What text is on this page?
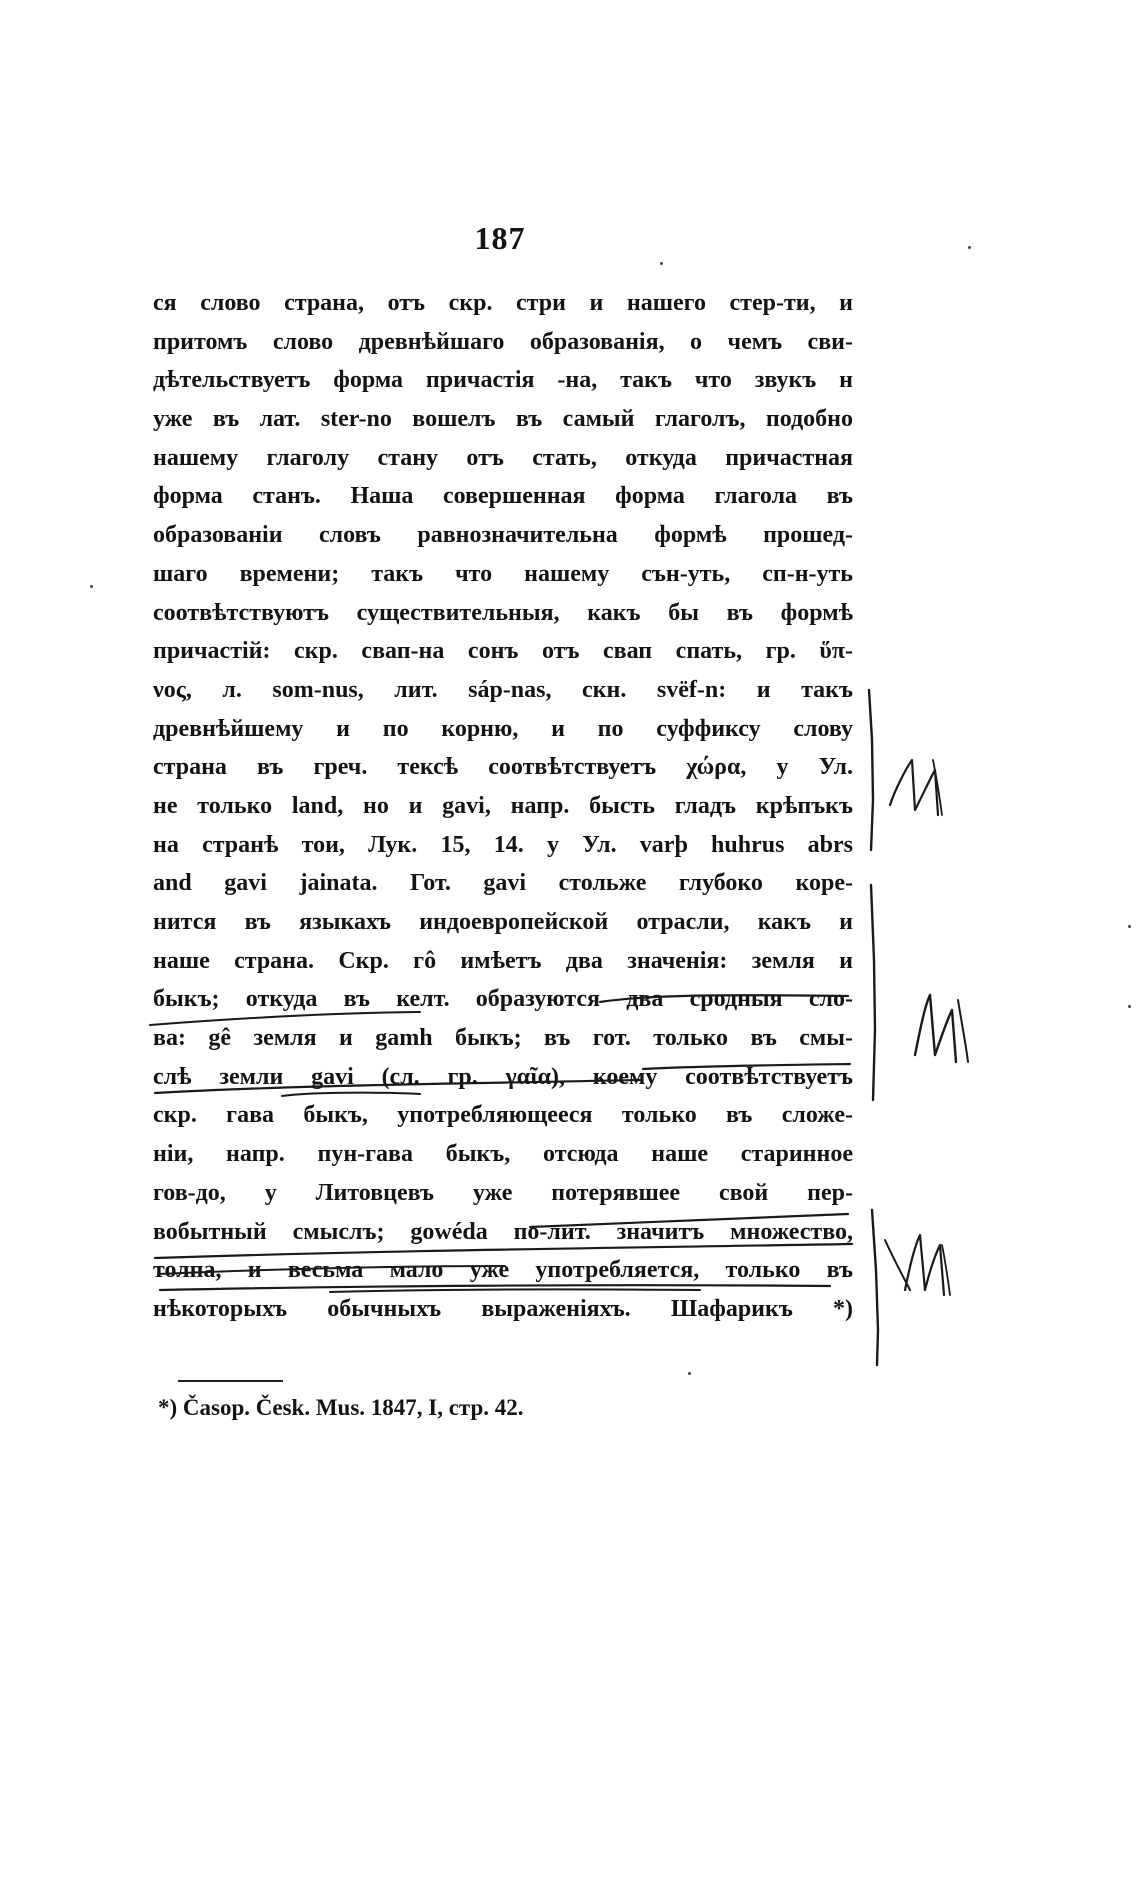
187
ся слово страна, отъ скр. стри и нашего стер-ти, и
притомъ слово древнѣйшаго образованія, о чемъ сви-
дѣтельствуетъ форма причастія -на, такъ что звукъ н
уже въ лат. ster-no вошелъ въ самый глаголъ, подобно
нашему глаголу стану отъ стать, откуда причастная
форма станъ. Наша совершенная форма глагола въ
образованіи словъ равнозначительна формѣ прошед-
шаго времени; такъ что нашему сън-уть, сп-н-уть
соотвѣтствуютъ существительныя, какъ бы въ формѣ
причастій: скр. свап-на сонъ отъ свап спать, гр. ὕπ-
νος, л. som-nus, лит. sáp-nas, скн. svëf-n: и такъ
древнѣйшему и по корню, и по суффиксу слову
страна въ греч. тексѣ соотвѣтствуетъ χώρα, у Ул.
не только land, но и gavi, напр. бысть гладъ крѣпъкъ
на странѣ тои, Лук. 15, 14. у Ул. varþ huhrus abrs
and gavi jainata. Гот. gavi стольже глубоко коре-
нится въ языкахъ индоевропейской отрасли, какъ и
наше страна. Скр. гô имѣетъ два значенія: земля и
быкъ; откуда въ келт. образуются два сродныя сло-
ва: gê земля и gamh быкъ; въ гот. только въ смы-
слѣ земли gavi (сл. гр. γαῖα), коему соотвѣтствуетъ
скр. гава быкъ, употребляющееся только въ сложе-
ніи, напр. пун-гава быкъ, отсюда наше старинное
гов-до, у Литовцевъ уже потерявшее свой пер-
вобытный смыслъ; gowéda по-лит. значитъ множество,
толпа, и весьма мало уже употребляется, только въ
нѣкоторыхъ обычныхъ выраженіяхъ. Шафарикъ *)
*) Časop. Česk. Mus. 1847, I, стр. 42.
